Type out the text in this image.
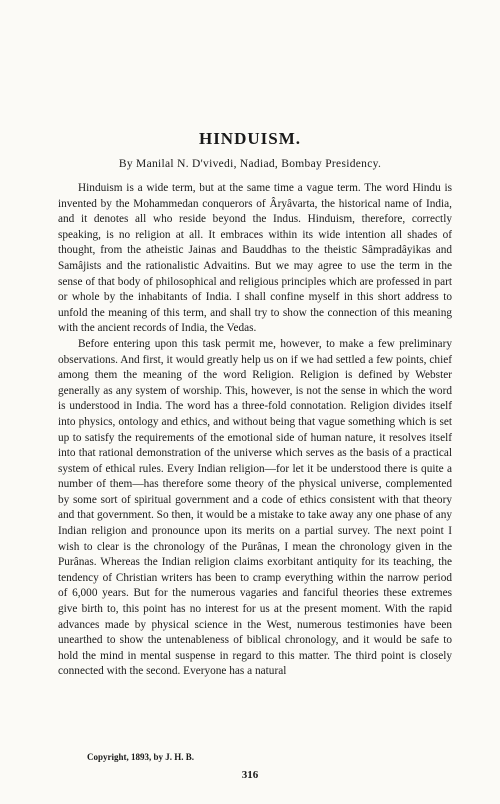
HINDUISM.
By Manilal N. D'vivedi, Nadiad, Bombay Presidency.

Hinduism is a wide term, but at the same time a vague term. The word Hindu is invented by the Mohammedan conquerors of Âryâvarta, the historical name of India, and it denotes all who reside beyond the Indus. Hinduism, therefore, correctly speaking, is no religion at all. It embraces within its wide intention all shades of thought, from the atheistic Jainas and Bauddhas to the theistic Sâmpradâyikas and Samâjists and the rationalistic Advaitins. But we may agree to use the term in the sense of that body of philosophical and religious principles which are professed in part or whole by the inhabitants of India. I shall confine myself in this short address to unfold the meaning of this term, and shall try to show the connection of this meaning with the ancient records of India, the Vedas.

Before entering upon this task permit me, however, to make a few preliminary observations. And first, it would greatly help us on if we had settled a few points, chief among them the meaning of the word Religion. Religion is defined by Webster generally as any system of worship. This, however, is not the sense in which the word is understood in India. The word has a three-fold connotation. Religion divides itself into physics, ontology and ethics, and without being that vague something which is set up to satisfy the requirements of the emotional side of human nature, it resolves itself into that rational demonstration of the universe which serves as the basis of a practical system of ethical rules. Every Indian religion—for let it be understood there is quite a number of them—has therefore some theory of the physical universe, complemented by some sort of spiritual government and a code of ethics consistent with that theory and that government. So then, it would be a mistake to take away any one phase of any Indian religion and pronounce upon its merits on a partial survey. The next point I wish to clear is the chronology of the Purânas, I mean the chronology given in the Purânas. Whereas the Indian religion claims exorbitant antiquity for its teaching, the tendency of Christian writers has been to cramp everything within the narrow period of 6,000 years. But for the numerous vagaries and fanciful theories these extremes give birth to, this point has no interest for us at the present moment. With the rapid advances made by physical science in the West, numerous testimonies have been unearthed to show the untenableness of biblical chronology, and it would be safe to hold the mind in mental suspense in regard to this matter. The third point is closely connected with the second. Everyone has a natural

Copyright, 1893, by J. H. B.
316
